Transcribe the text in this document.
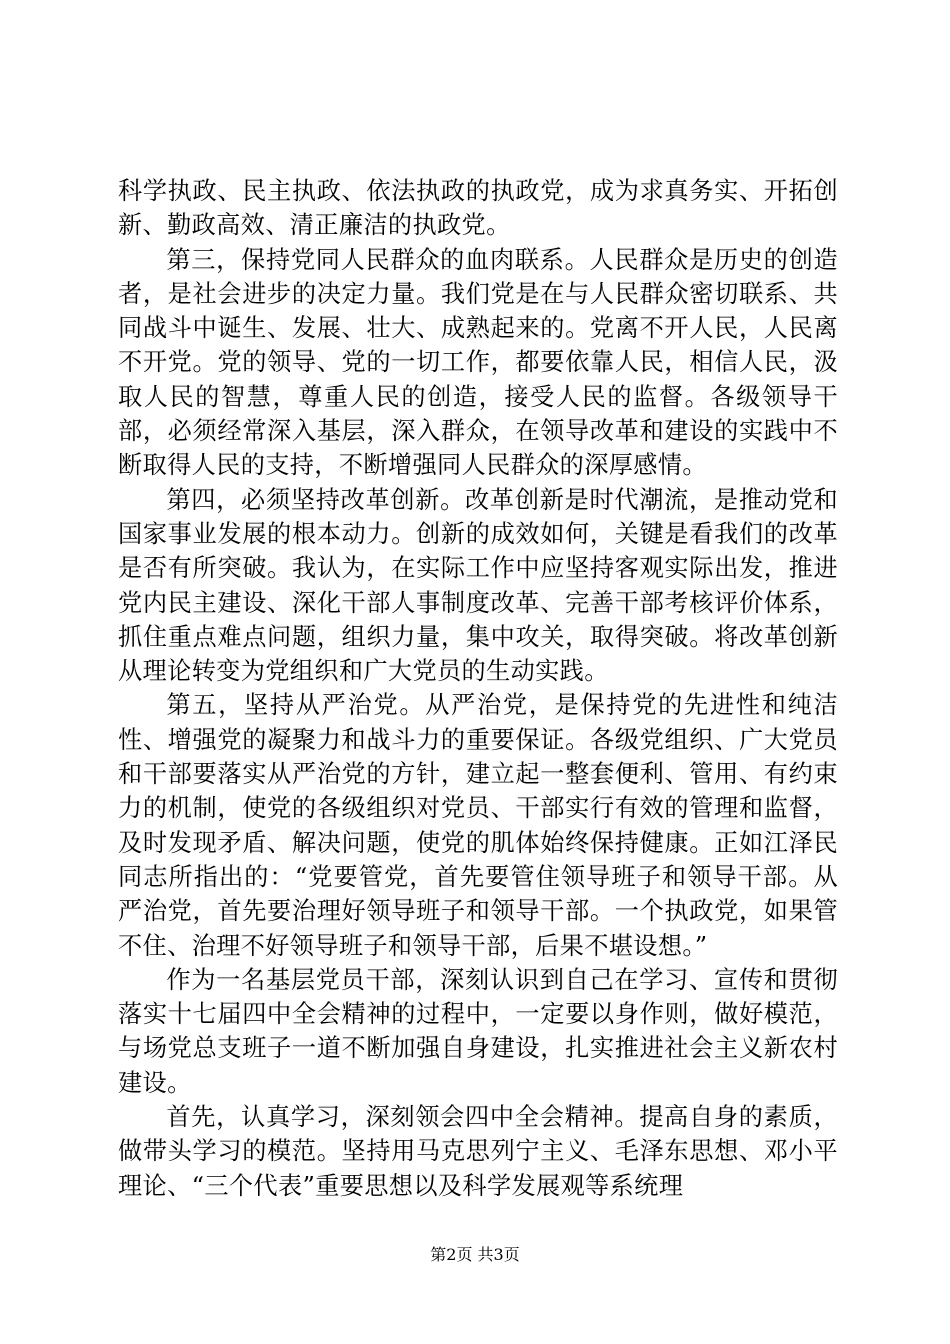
科学执政、民主执政、依法执政的执政党，成为求真务实、开拓创新、勤政高效、清正廉洁的执政党。

第三，保持党同人民群众的血肉联系。人民群众是历史的创造者，是社会进步的决定力量。我们党是在与人民群众密切联系、共同战斗中诞生、发展、壮大、成熟起来的。党离不开人民，人民离不开党。党的领导、党的一切工作，都要依靠人民，相信人民，汲取人民的智慧，尊重人民的创造，接受人民的监督。各级领导干部，必须经常深入基层，深入群众，在领导改革和建设的实践中不断取得人民的支持，不断增强同人民群众的深厚感情。

第四，必须坚持改革创新。改革创新是时代潮流，是推动党和国家事业发展的根本动力。创新的成效如何，关键是看我们的改革是否有所突破。我认为，在实际工作中应坚持客观实际出发，推进党内民主建设、深化干部人事制度改革、完善干部考核评价体系，抓住重点难点问题，组织力量，集中攻关，取得突破。将改革创新从理论转变为党组织和广大党员的生动实践。

第五，坚持从严治党。从严治党，是保持党的先进性和纯洁性、增强党的凝聚力和战斗力的重要保证。各级党组织、广大党员和干部要落实从严治党的方针，建立起一整套便利、管用、有约束力的机制，使党的各级组织对党员、干部实行有效的管理和监督，及时发现矛盾、解决问题，使党的肌体始终保持健康。正如江泽民同志所指出的：“党要管党，首先要管住领导班子和领导干部。从严治党，首先要治理好领导班子和领导干部。一个执政党，如果管不住、治理不好领导班子和领导干部，后果不堪设想。”

作为一名基层党员干部，深刻认识到自己在学习、宣传和贯彻落实十七届四中全会精神的过程中，一定要以身作则，做好模范，与场党总支班子一道不断加强自身建设，扎实推进社会主义新农村建设。

首先，认真学习，深刻领会四中全会精神。提高自身的素质，做带头学习的模范。坚持用马克思列宁主义、毛泽东思想、邓小平理论、“三个代表”重要思想以及科学发展观等系统理

第2页 共3页
